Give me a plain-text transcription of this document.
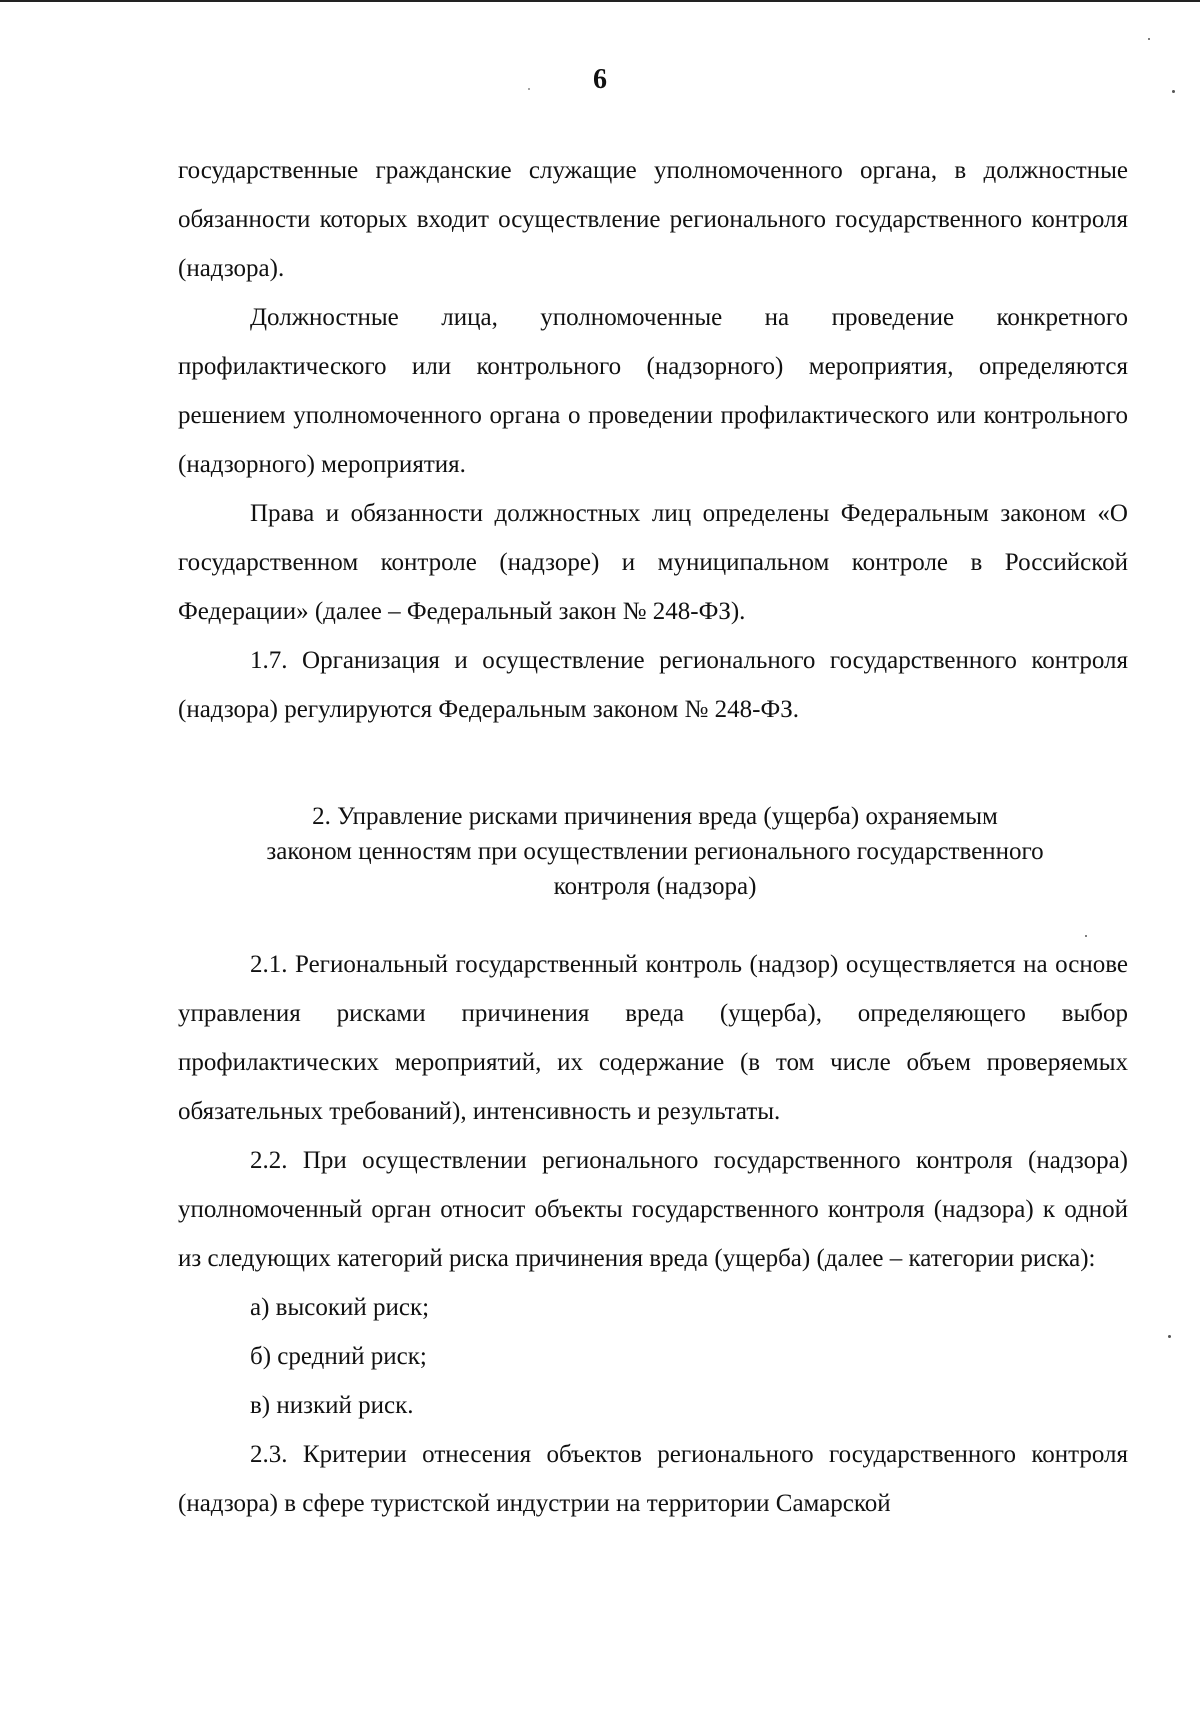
6

государственные гражданские служащие уполномоченного органа, в должностные обязанности которых входит осуществление регионального государственного контроля (надзора).

Должностные лица, уполномоченные на проведение конкретного профилактического или контрольного (надзорного) мероприятия, определяются решением уполномоченного органа о проведении профилактического или контрольного (надзорного) мероприятия.

Права и обязанности должностных лиц определены Федеральным законом «О государственном контроле (надзоре) и муниципальном контроле в Российской Федерации» (далее – Федеральный закон № 248-ФЗ).

1.7. Организация и осуществление регионального государственного контроля (надзора) регулируются Федеральным законом № 248-ФЗ.

2. Управление рисками причинения вреда (ущерба) охраняемым
законом ценностям при осуществлении регионального государственного
контроля (надзора)

2.1. Региональный государственный контроль (надзор) осуществляется на основе управления рисками причинения вреда (ущерба), определяющего выбор профилактических мероприятий, их содержание (в том числе объем проверяемых обязательных требований), интенсивность и результаты.

2.2. При осуществлении регионального государственного контроля (надзора) уполномоченный орган относит объекты государственного контроля (надзора) к одной из следующих категорий риска причинения вреда (ущерба) (далее – категории риска):

а) высокий риск;

б) средний риск;

в) низкий риск.

2.3. Критерии отнесения объектов регионального государственного контроля (надзора) в сфере туристской индустрии на территории Самарской
